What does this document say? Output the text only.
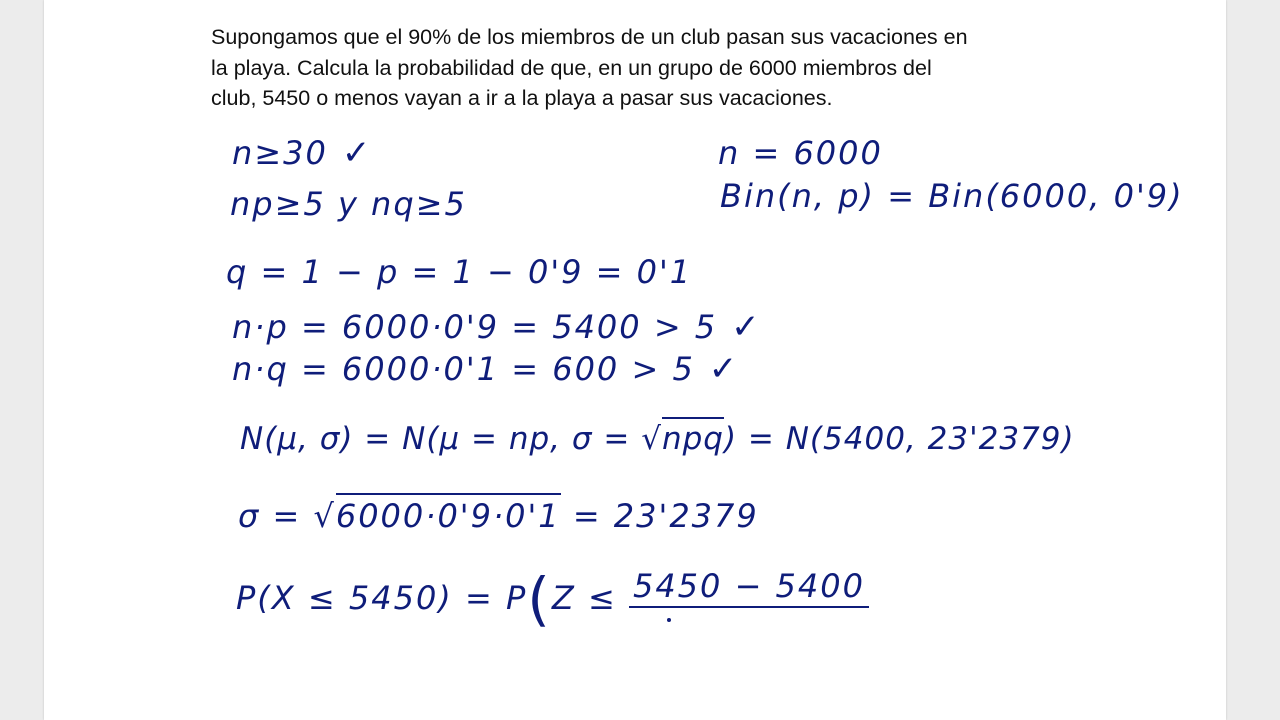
Supongamos que el 90% de los miembros de un club pasan sus vacaciones en
la playa. Calcula la probabilidad de que, en un grupo de 6000 miembros del
club, 5450 o menos vayan a ir a la playa a pasar sus vacaciones.
n≥30 ✓
np≥5 y nq≥5
q = 1 − p = 1 − 0'9 = 0'1
n·p = 6000·0'9 = 5400 > 5 ✓
n·q = 6000·0'1 = 600 > 5 ✓
n = 6000
Bin(n, p) = Bin(6000, 0'9)
N(μ, σ) = N(μ = np, σ = √npq) = N(5400, 23'2379)
σ = √6000·0'9·0'1 = 23'2379
P(X ≤ 5450) = P(Z ≤ 5450 − 5400
